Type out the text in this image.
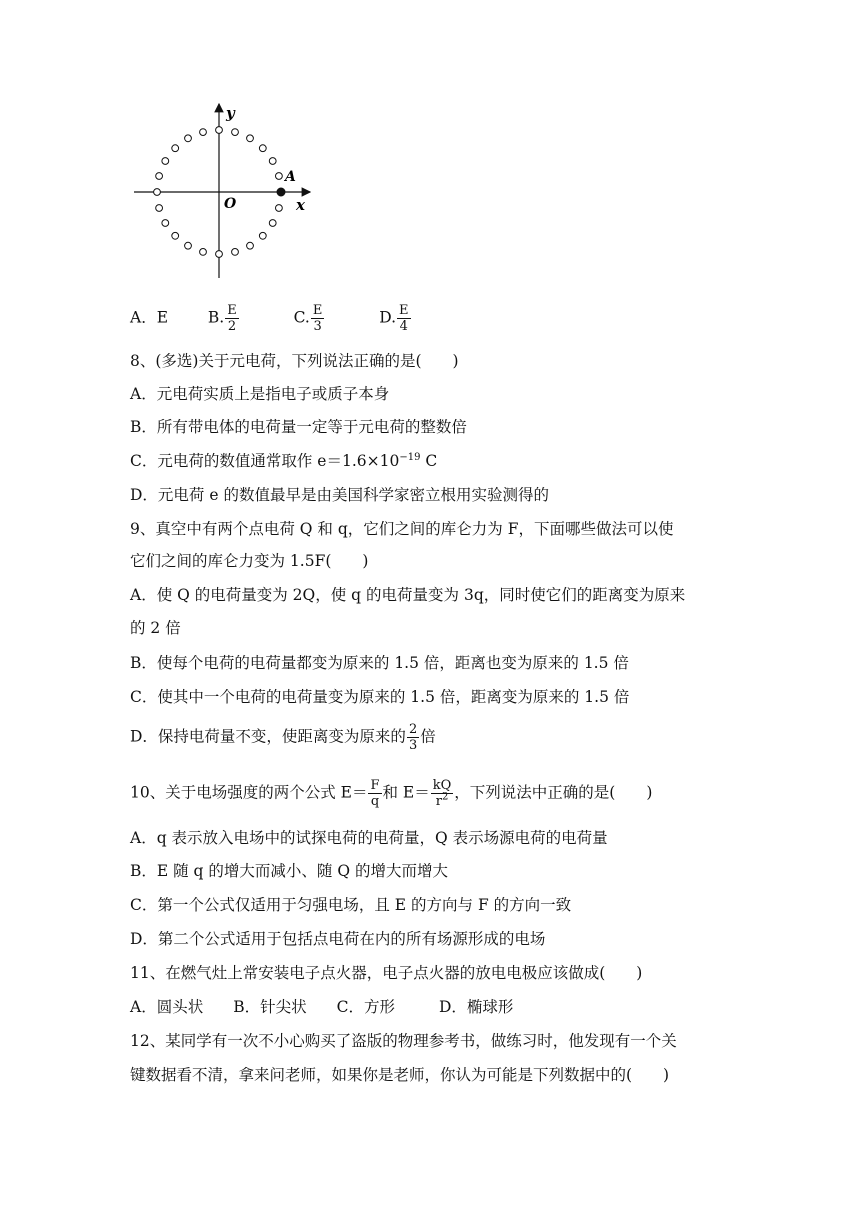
y
x
O
A
A．E	B. $\frac{E}{2}$	C. $\frac{E}{3}$	D. $\frac{E}{4}$
8、(多选)关于元电荷，下列说法正确的是(　　)
A．元电荷实质上是指电子或质子本身
B．所有带电体的电荷量一定等于元电荷的整数倍
C．元电荷的数值通常取作 $e=1.6\times 10^{-19}$ C
D．元电荷 e 的数值最早是由美国科学家密立根用实验测得的
9、真空中有两个点电荷 Q 和 q，它们之间的库仑力为 F，下面哪些做法可以使
它们之间的库仑力变为 1.5F(　　)
A．使 Q 的电荷量变为 2Q，使 q 的电荷量变为 3q，同时使它们的距离变为原来
的 2 倍
B．使每个电荷的电荷量都变为原来的 1.5 倍，距离也变为原来的 1.5 倍
C．使其中一个电荷的电荷量变为原来的 1.5 倍，距离变为原来的 1.5 倍
D．保持电荷量不变，使距离变为原来的 $\frac{2}{3}$ 倍
10、关于电场强度的两个公式 $E= \frac{F}{q}$ 和 $E= \frac{kQ}{r^2}$ ，下列说法中正确的是(　　)
A．q 表示放入电场中的试探电荷的电荷量，Q 表示场源电荷的电荷量
B．E 随 q 的增大而减小、随 Q 的增大而增大
C．第一个公式仅适用于匀强电场，且 E 的方向与 F 的方向一致
D．第二个公式适用于包括点电荷在内的所有场源形成的电场
11、在燃气灶上常安装电子点火器，电子点火器的放电电极应该做成(　　)
A．圆头状 B．针尖状 C．方形	D．椭球形
12、某同学有一次不小心购买了盗版的物理参考书，做练习时，他发现有一个关
键数据看不清，拿来问老师，如果你是老师，你认为可能是下列数据中的(　　)
